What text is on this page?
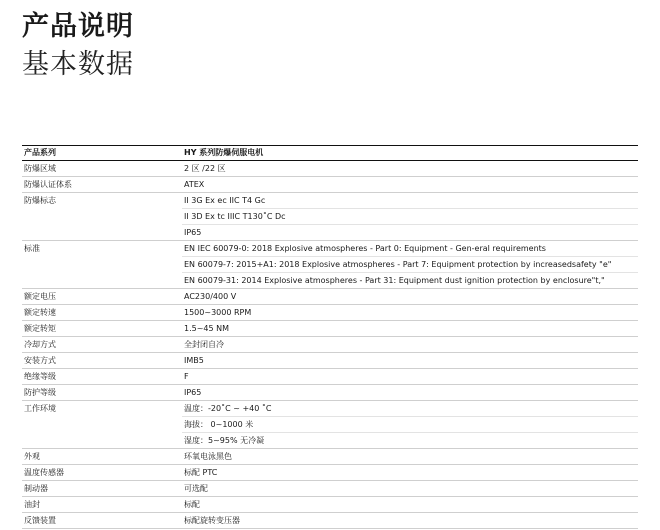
产品说明
基本数据
产品系列	HY 系列防爆伺服电机

防爆区域	2 区 /22 区

防爆认证体系	ATEX

防爆标志	II 3G Ex ec IIC T4 Gc
II 3D Ex tc IIIC T130˚C Dc
IP65

标准	EN IEC 60079-0: 2018 Explosive atmospheres - Part 0: Equipment - Gen-eral requirements
EN 60079-7: 2015+A1: 2018 Explosive atmospheres - Part 7: Equipment protection by increasedsafety "e"
EN 60079-31: 2014 Explosive atmospheres - Part 31: Equipment dust ignition protection by enclosure"t,"

额定电压	AC230/400 V

额定转速	1500~3000 RPM

额定转矩	1.5~45 NM

冷却方式	全封闭自冷

安装方式	IMB5

绝缘等级	F

防护等级	IP65

工作环境	温度：-20˚C ~ +40 ˚C
海拔： 0~1000 米
湿度：5~95% 无冷凝

外观	环氧电泳黑色

温度传感器	标配 PTC

制动器	可选配

油封	标配

反馈装置	标配旋转变压器
